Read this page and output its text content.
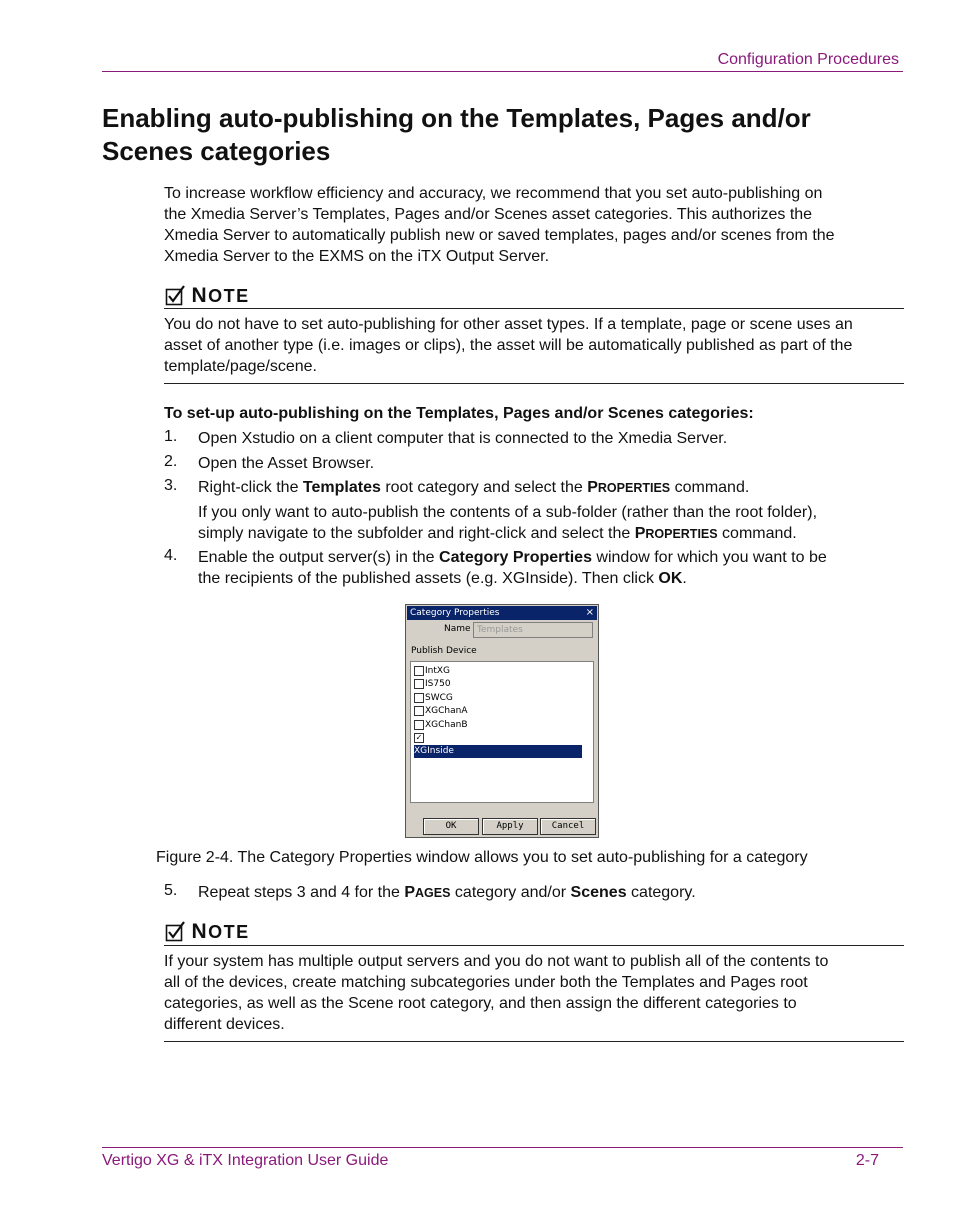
Configuration Procedures
Enabling auto-publishing on the Templates, Pages and/or Scenes categories
To increase workflow efficiency and accuracy, we recommend that you set auto-publishing on the Xmedia Server’s Templates, Pages and/or Scenes asset categories. This authorizes the Xmedia Server to automatically publish new or saved templates, pages and/or scenes from the Xmedia Server to the EXMS on the iTX Output Server.
NOTE
You do not have to set auto-publishing for other asset types. If a template, page or scene uses an asset of another type (i.e. images or clips), the asset will be automatically published as part of the template/page/scene.
To set-up auto-publishing on the Templates, Pages and/or Scenes categories:
1. Open Xstudio on a client computer that is connected to the Xmedia Server.
2. Open the Asset Browser.
3. Right-click the Templates root category and select the PROPERTIES command.
If you only want to auto-publish the contents of a sub-folder (rather than the root folder), simply navigate to the subfolder and right-click and select the PROPERTIES command.
4. Enable the output server(s) in the Category Properties window for which you want to be the recipients of the published assets (e.g. XGInside). Then click OK.
Category Properties	×
Name Templates
Publish Device
IntXG
IS750
SWCG
XGChanA
XGChanB
✓XGInside
OK	Apply	Cancel
Figure 2-4. The Category Properties window allows you to set auto-publishing for a category
5. Repeat steps 3 and 4 for the PAGES category and/or Scenes category.
NOTE
If your system has multiple output servers and you do not want to publish all of the contents to all of the devices, create matching subcategories under both the Templates and Pages root categories, as well as the Scene root category, and then assign the different categories to different devices.
Vertigo XG & iTX Integration User Guide	2-7
